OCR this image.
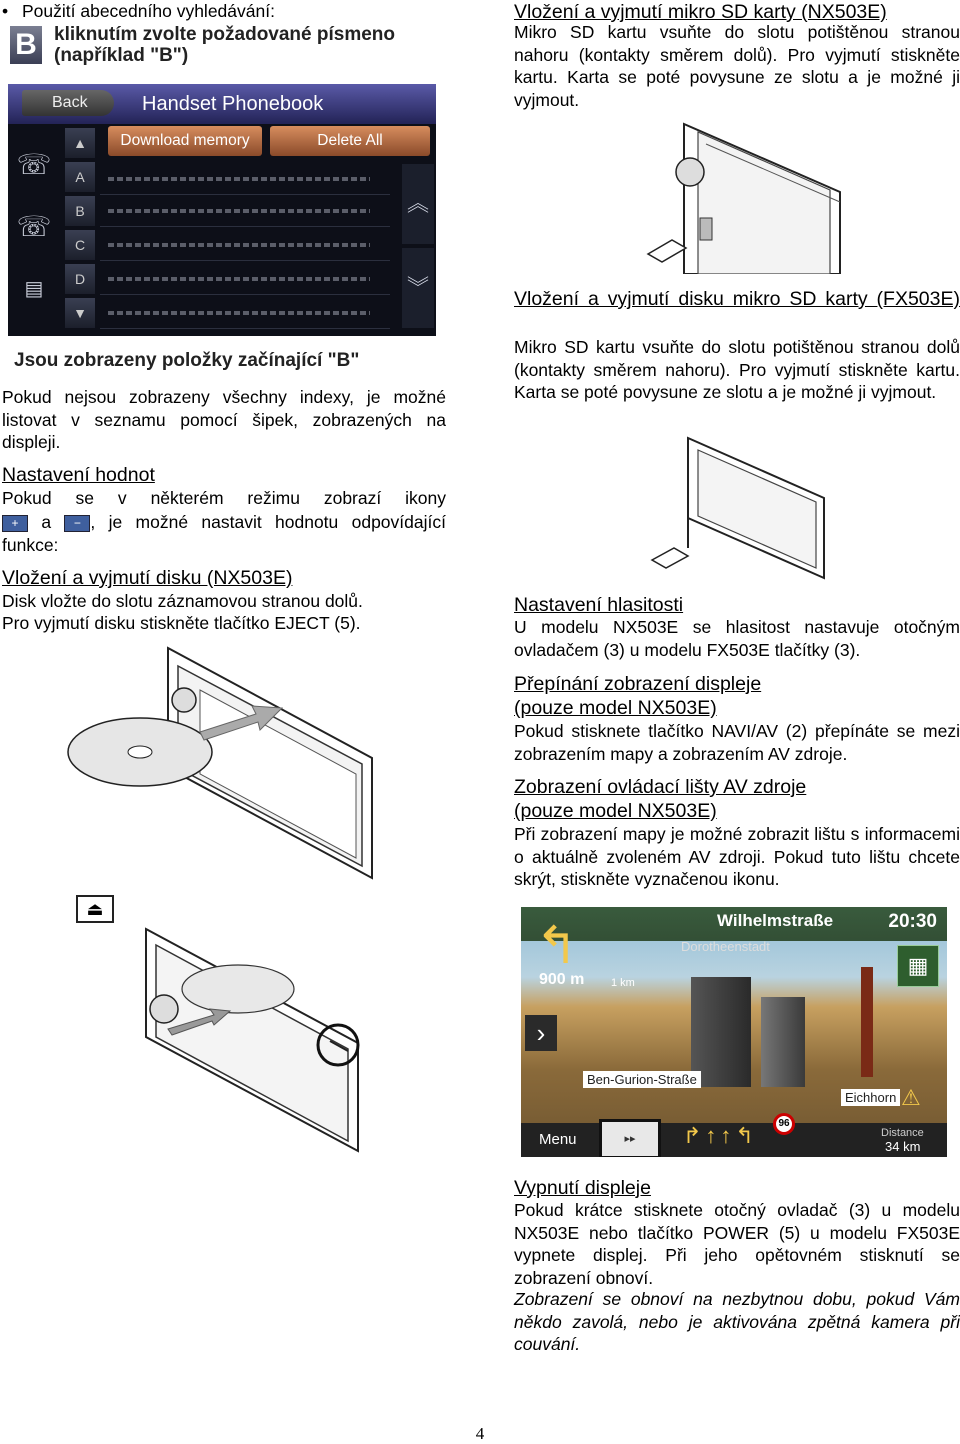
• Použití abecedního vyhledávání:
B kliknutím zvolte požadované písmeno (například "B")
Back	Handset Phonebook
Download memory	Delete All
☏
☏
▤
▲
A
B
C
D
▼
︽
︾
Jsou zobrazeny položky začínající "B"

Pokud nejsou zobrazeny všechny indexy, je možné listovat v seznamu pomocí šipek, zobrazených na displeji.

Nastavení hodnot

Pokud se v některém režimu zobrazí ikony

+ a − , je možné nastavit hodnotu odpovídající funkce:
Vložení a vyjmutí disku (NX503E)

Disk vložte do slotu záznamovou stranou dolů.

Pro vyjmutí disku stiskněte tlačítko EJECT (5).

⏏
Vložení a vyjmutí mikro SD karty (NX503E)

Mikro SD kartu vsuňte do slotu potištěnou stranou nahoru (kontakty směrem dolů). Pro vyjmutí stiskněte kartu. Karta se poté povysune ze slotu a je možné ji vyjmout.

Vložení a vyjmutí disku mikro SD karty (FX503E)

Mikro SD kartu vsuňte do slotu potištěnou stranou dolů (kontakty směrem nahoru). Pro vyjmutí stiskněte kartu. Karta se poté povysune ze slotu a je možné ji vyjmout.

Nastavení hlasitosti

U modelu NX503E se hlasitost nastavuje otočným ovladačem (3) u modelu FX503E tlačítky (3).

Přepínání zobrazení displeje
(pouze model NX503E)

Pokud stisknete tlačítko NAVI/AV (2) přepínáte se mezi zobrazením mapy a zobrazením AV zdroje.

Zobrazení ovládací lišty AV zdroje
(pouze model NX503E)

Při zobrazení mapy je možné zobrazit lištu s informacemi o aktuálně zvoleném AV zdroji. Pokud tuto lištu chcete skrýt, stiskněte vyznačenou ikonu.

Vypnutí displeje

Pokud krátce stisknete otočný ovladač (3) u modelu NX503E nebo tlačítko POWER (5) u modelu FX503E vypnete displej. Při jeho opětovném stisknutí se zobrazení obnoví.

Zobrazení se obnoví na nezbytnou dobu, pokud Vám někdo zavolá, nebo je aktivována zpětná kamera při couvání.

Wilhelmstraße	20:30
↰
900 m 1 km
Dorotheenstadt
▦
›
Ben-Gurion-Straße
Eichhorn ⚠
Menu	▸▸	↱↑↑↰	96
Distance
34 km
4
